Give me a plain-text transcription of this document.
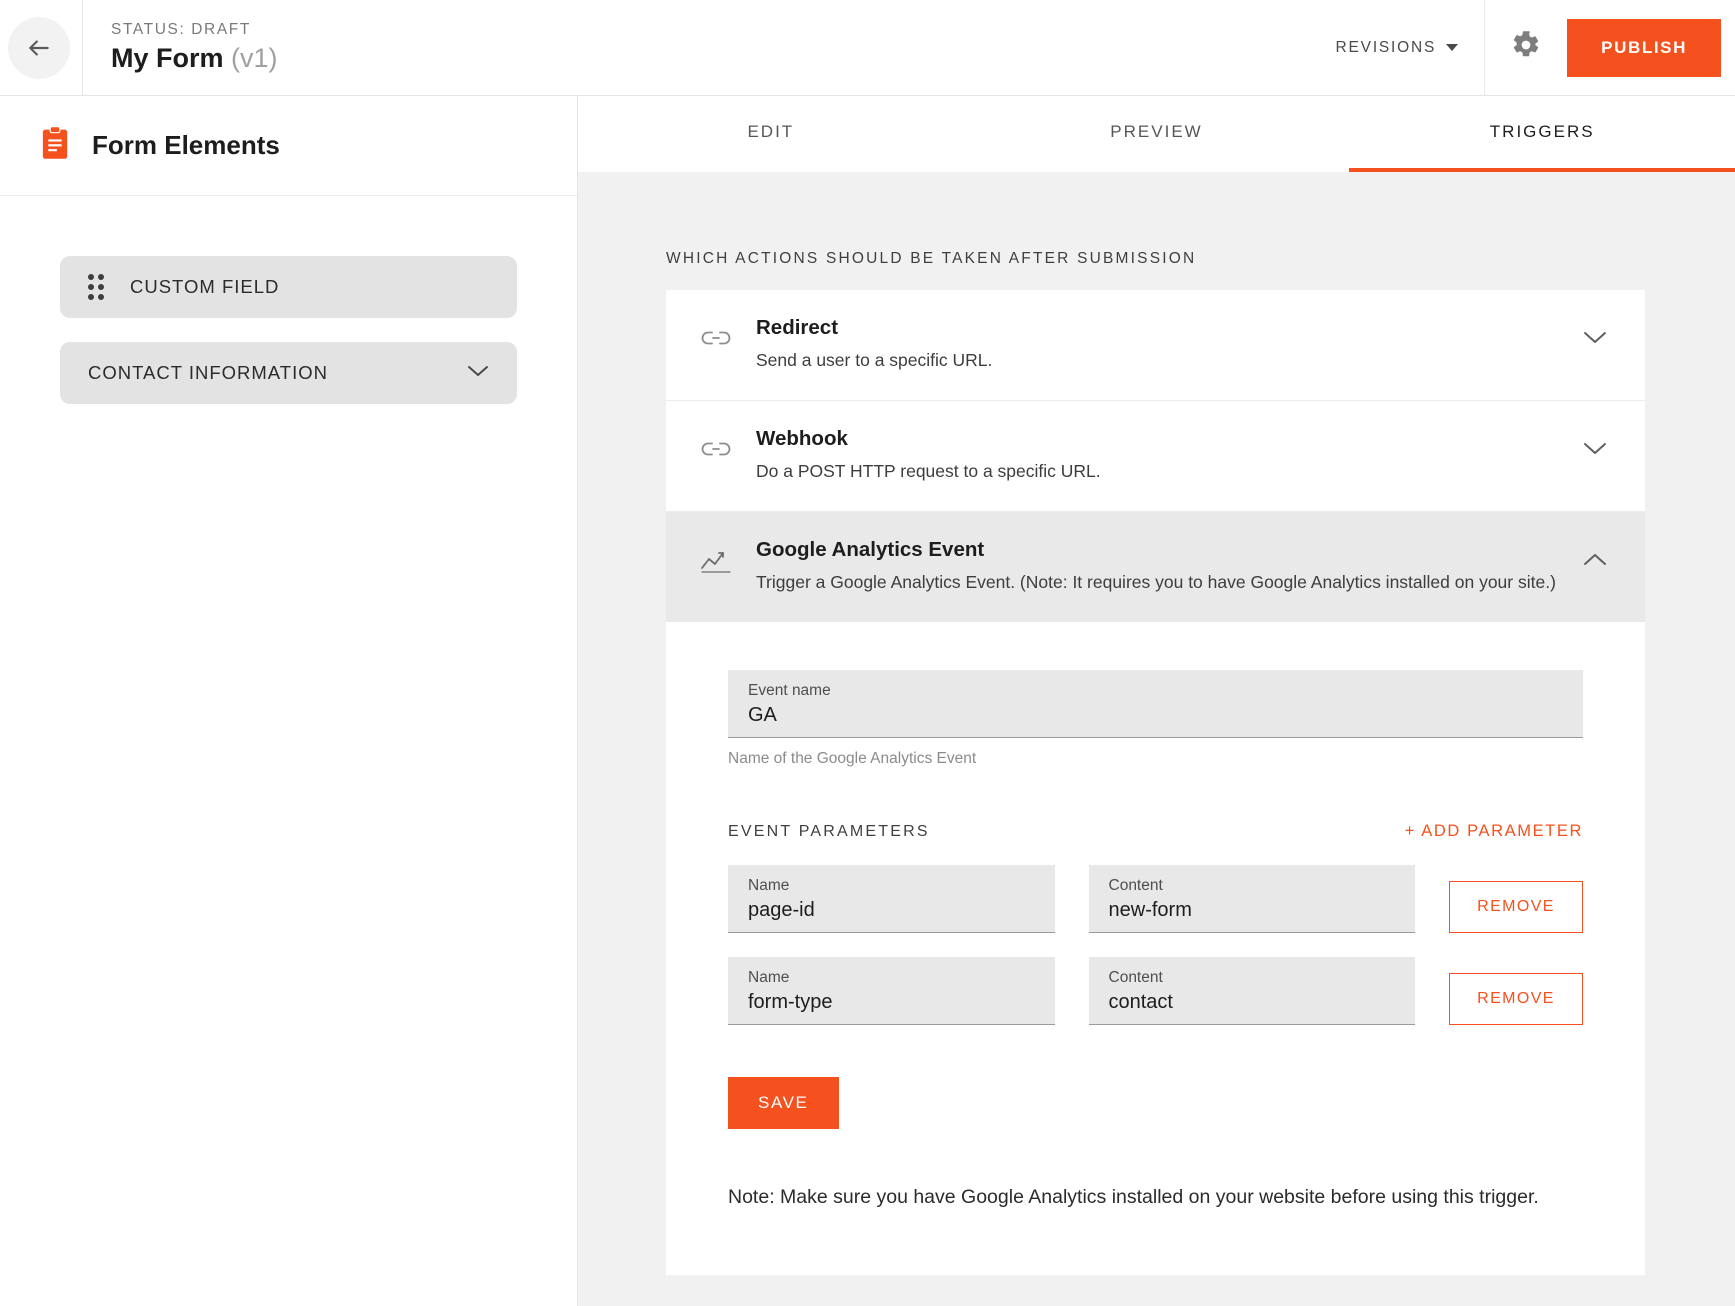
STATUS: DRAFT
My Form (v1)	REVISIONS	PUBLISH
Form Elements
CUSTOM FIELD
CONTACT INFORMATION
EDIT	PREVIEW	TRIGGERS
WHICH ACTIONS SHOULD BE TAKEN AFTER SUBMISSION
Redirect
Send a user to a specific URL.
Webhook
Do a POST HTTP request to a specific URL.
Google Analytics Event
Trigger a Google Analytics Event. (Note: It requires you to have Google Analytics installed on your site.)
Event name
GA
Name of the Google Analytics Event
EVENT PARAMETERS	+ ADD PARAMETER
Name
page-id
Content
new-form	REMOVE
Name
form-type
Content
contact	REMOVE
SAVE
Note: Make sure you have Google Analytics installed on your website before using this trigger.
